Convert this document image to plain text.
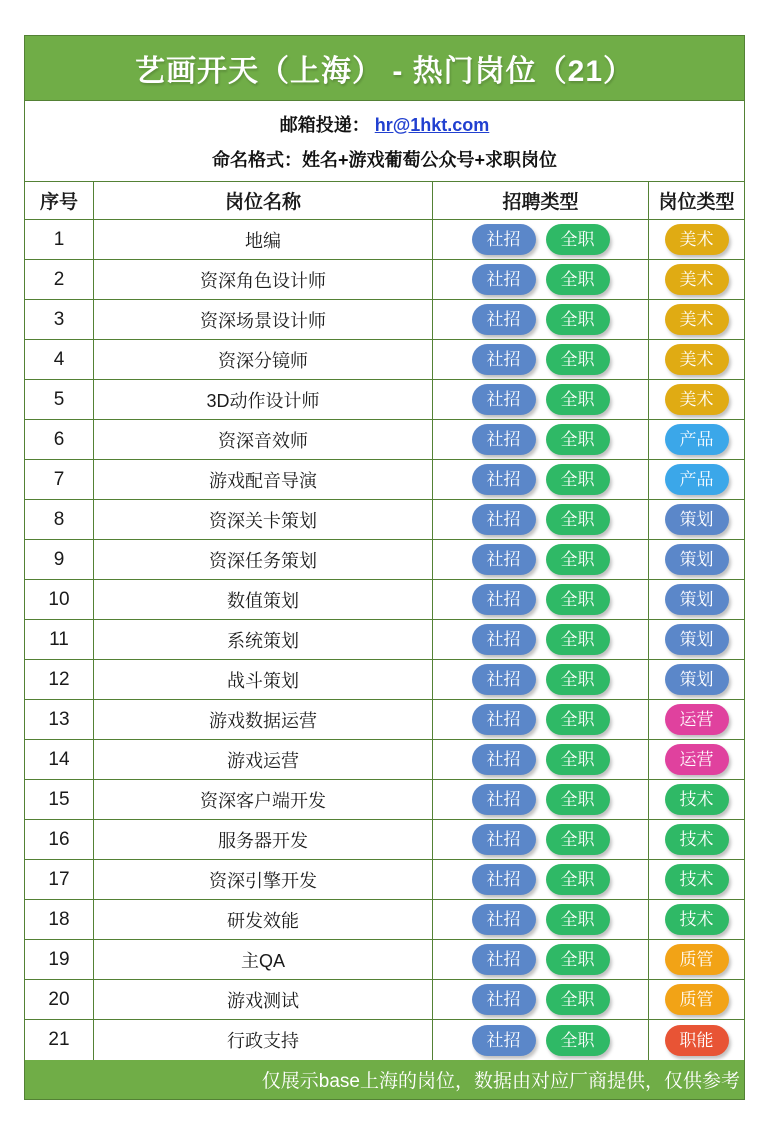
艺画开天（上海） - 热门岗位（21）
邮箱投递： hr@1hkt.com
命名格式：姓名+游戏葡萄公众号+求职岗位
序号	岗位名称	招聘类型	岗位类型
1	地编	社招	全职	美术
2	资深角色设计师	社招	全职	美术
3	资深场景设计师	社招	全职	美术
4	资深分镜师	社招	全职	美术
5	3D动作设计师	社招	全职	美术
6	资深音效师	社招	全职	产品
7	游戏配音导演	社招	全职	产品
8	资深关卡策划	社招	全职	策划
9	资深任务策划	社招	全职	策划
10	数值策划	社招	全职	策划
11	系统策划	社招	全职	策划
12	战斗策划	社招	全职	策划
13	游戏数据运营	社招	全职	运营
14	游戏运营	社招	全职	运营
15	资深客户端开发	社招	全职	技术
16	服务器开发	社招	全职	技术
17	资深引擎开发	社招	全职	技术
18	研发效能	社招	全职	技术
19	主QA	社招	全职	质管
20	游戏测试	社招	全职	质管
21	行政支持	社招	全职	职能
仅展示base上海的岗位，数据由对应厂商提供，仅供参考
